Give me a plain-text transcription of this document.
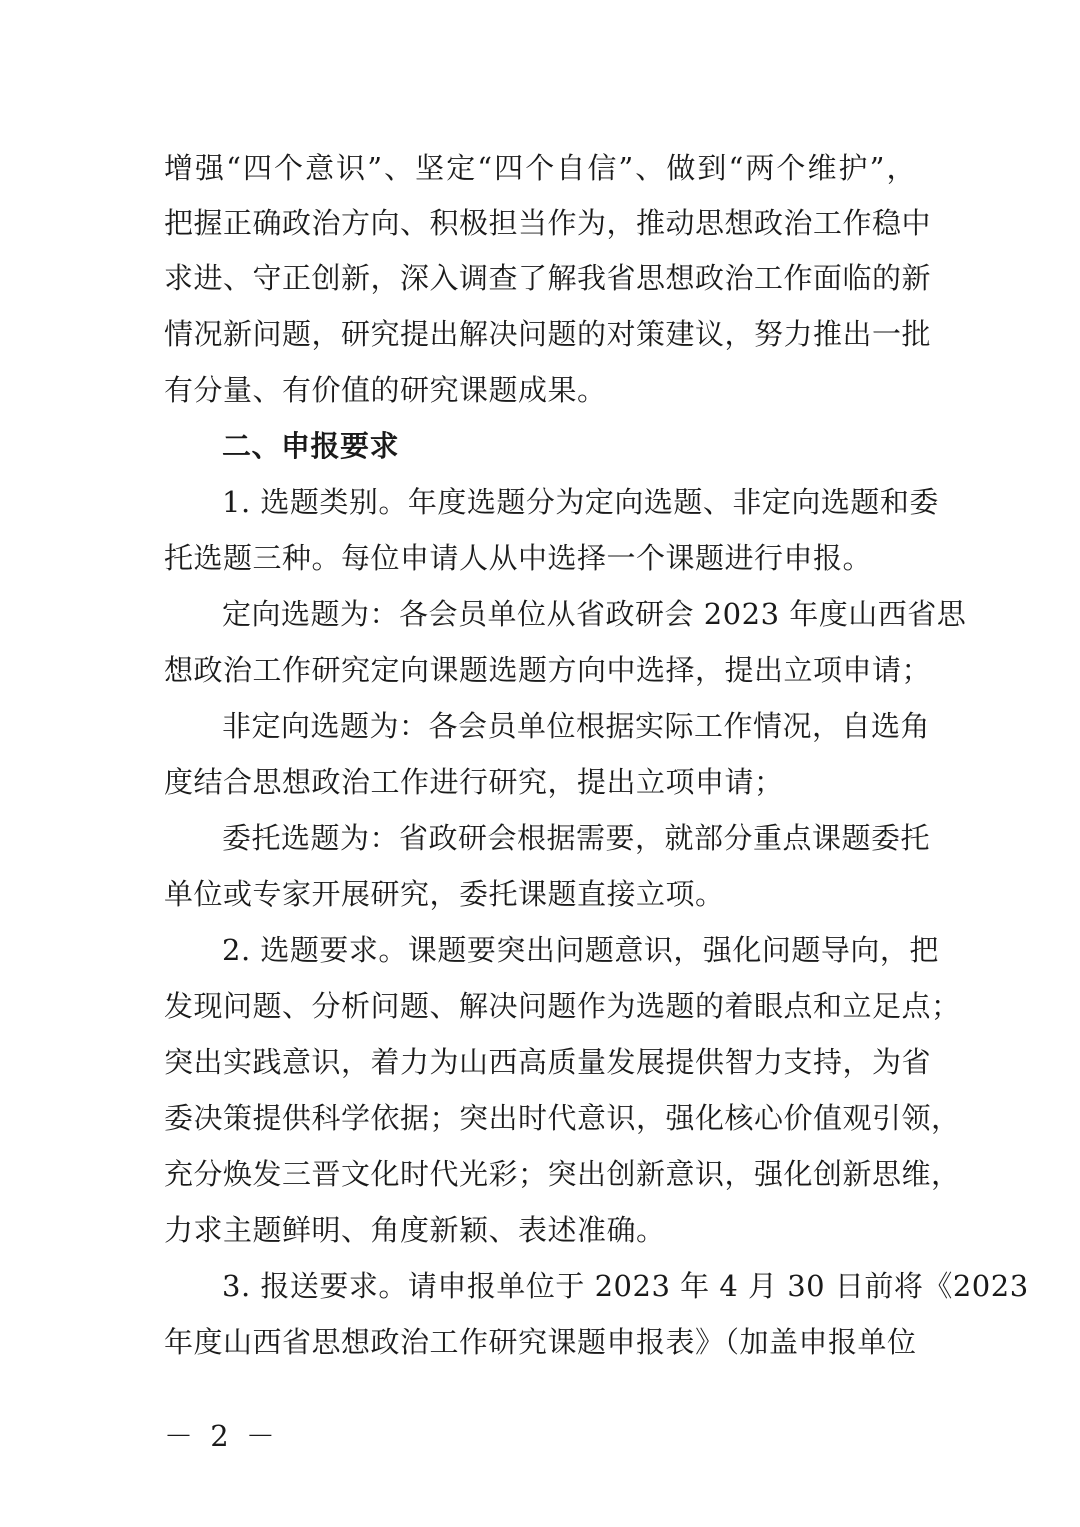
增强“四个意识”、坚定“四个自信”、做到“两个维护”，
把握正确政治方向、积极担当作为，推动思想政治工作稳中
求进、守正创新，深入调查了解我省思想政治工作面临的新
情况新问题，研究提出解决问题的对策建议，努力推出一批
有分量、有价值的研究课题成果。
二、申报要求
1. 选题类别。年度选题分为定向选题、非定向选题和委
托选题三种。每位申请人从中选择一个课题进行申报。
定向选题为：各会员单位从省政研会 2023 年度山西省思
想政治工作研究定向课题选题方向中选择，提出立项申请；
非定向选题为：各会员单位根据实际工作情况，自选角
度结合思想政治工作进行研究，提出立项申请；
委托选题为：省政研会根据需要，就部分重点课题委托
单位或专家开展研究，委托课题直接立项。
2. 选题要求。课题要突出问题意识，强化问题导向，把
发现问题、分析问题、解决问题作为选题的着眼点和立足点；
突出实践意识，着力为山西高质量发展提供智力支持，为省
委决策提供科学依据；突出时代意识，强化核心价值观引领，
充分焕发三晋文化时代光彩；突出创新意识，强化创新思维，
力求主题鲜明、角度新颖、表述准确。
3. 报送要求。请申报单位于 2023 年 4 月 30 日前将《2023
年度山西省思想政治工作研究课题申报表》（加盖申报单位
－ 2 －
